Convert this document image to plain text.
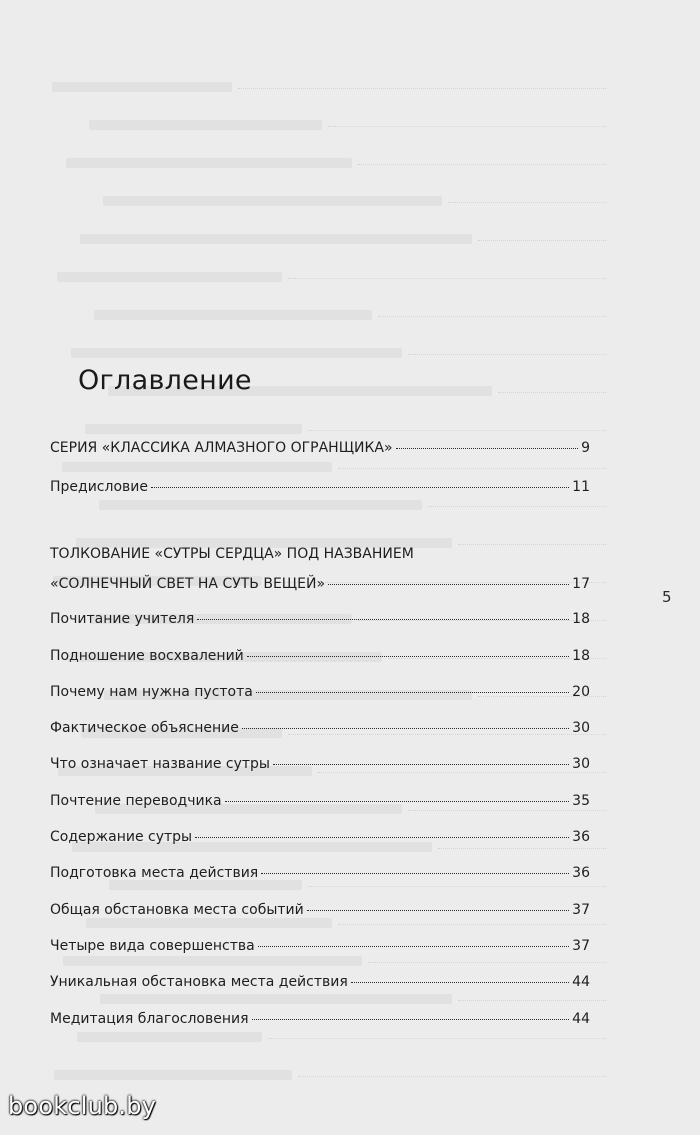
Оглавление
СЕРИЯ «КЛАССИКА АЛМАЗНОГО ОГРАНЩИКА»	9
Предисловие	11
ТОЛКОВАНИЕ «СУТРЫ СЕРДЦА» ПОД НАЗВАНИЕМ
«СОЛНЕЧНЫЙ СВЕТ НА СУТЬ ВЕЩЕЙ»	17
Почитание учителя	18
Подношение восхвалений	18
Почему нам нужна пустота	20
Фактическое объяснение	30
Что означает название сутры	30
Почтение переводчика	35
Содержание сутры	36
Подготовка места действия	36
Общая обстановка места событий	37
Четыре вида совершенства	37
Уникальная обстановка места действия	44
Медитация благословения	44
5
bookclub.by
